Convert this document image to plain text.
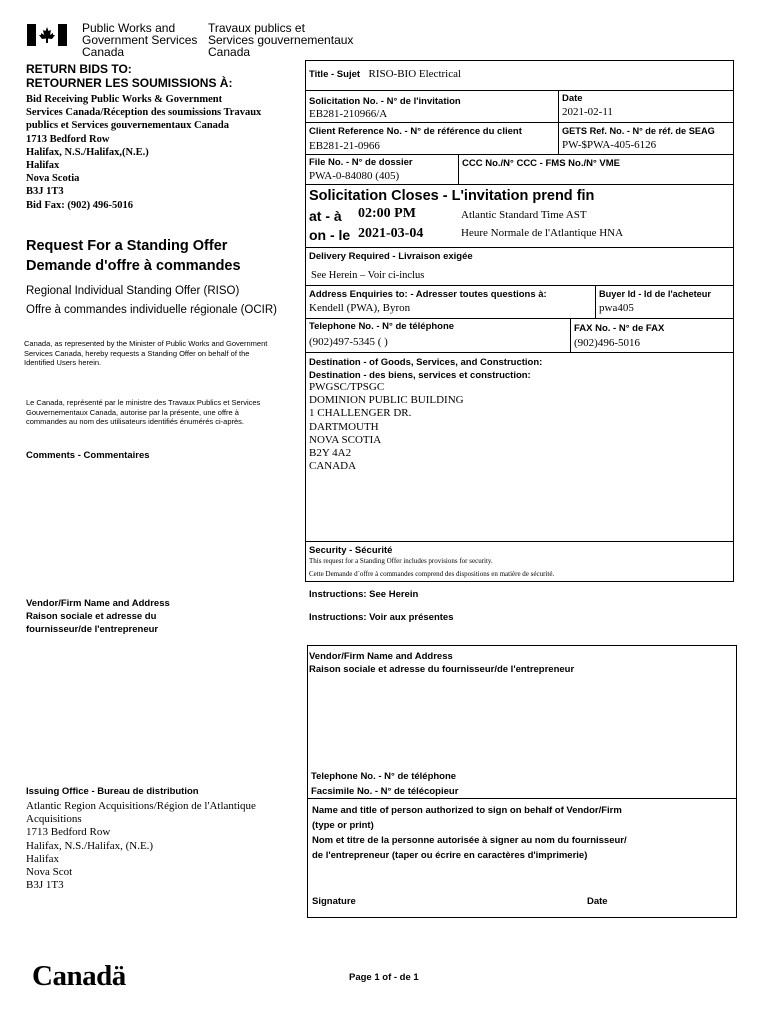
Public Works and
Government Services
Canada
Travaux publics et
Services gouvernementaux
Canada
RETURN BIDS TO:
RETOURNER LES SOUMISSIONS À:
Bid Receiving Public Works & Government
Services Canada/Réception des soumissions Travaux
publics et Services gouvernementaux Canada
1713 Bedford Row
Halifax, N.S./Halifax,(N.E.)
Halifax
Nova Scotia
B3J 1T3
Bid Fax: (902) 496-5016
Request For a Standing Offer
Demande d'offre à commandes
Regional Individual Standing Offer (RISO)
Offre à commandes individuelle régionale (OCIR)
Canada, as represented by the Minister of Public Works and Government Services Canada, hereby requests a Standing Offer on behalf of the Identified Users herein.
Le Canada, représenté par le ministre des Travaux Publics et Services Gouvernementaux Canada, autorise par la présente, une offre à commandes au nom des utilisateurs identifiés énumérés ci-après.
Comments - Commentaires
Vendor/Firm Name and Address
Raison sociale et adresse du
fournisseur/de l'entrepreneur
Issuing Office - Bureau de distribution
Atlantic Region Acquisitions/Région de l'Atlantique
Acquisitions
1713 Bedford Row
Halifax, N.S./Halifax, (N.E.)
Halifax
Nova Scot
B3J 1T3
Title - Sujet RISO-BIO Electrical
Solicitation No. - N° de l'invitation
EB281-210966/A
Date
2021-02-11
Client Reference No. - N° de référence du client
EB281-21-0966
GETS Ref. No. - N° de réf. de SEAG
PW-$PWA-405-6126
File No. - N° de dossier
PWA-0-84080 (405)
CCC No./N° CCC - FMS No./N° VME
Solicitation Closes - L'invitation prend fin
at - à 02:00 PM	Atlantic Standard Time AST
on - le 2021-03-04	Heure Normale de l'Atlantique HNA
Delivery Required - Livraison exigée
See Herein – Voir ci-inclus
Address Enquiries to: - Adresser toutes questions à:
Kendell (PWA), Byron
Buyer Id - Id de l'acheteur
pwa405
Telephone No. - N° de téléphone
(902)497-5345 ( )
FAX No. - N° de FAX
(902)496-5016
Destination - of Goods, Services, and Construction:
Destination - des biens, services et construction:
PWGSC/TPSGC
DOMINION PUBLIC BUILDING
1 CHALLENGER DR.
DARTMOUTH
NOVA SCOTIA
B2Y 4A2
CANADA
Security - Sécurité
This request for a Standing Offer includes provisions for security.
Cette Demande d`offre à commandes comprend des dispositions en matière de sécurité.
Instructions: See Herein
Instructions: Voir aux présentes
Vendor/Firm Name and Address
Raison sociale et adresse du fournisseur/de l'entrepreneur
Telephone No. - N° de téléphone
Facsimile No. - N° de télécopieur
Name and title of person authorized to sign on behalf of Vendor/Firm
(type or print)
Nom et titre de la personne autorisée à signer au nom du fournisseur/
de l'entrepreneur (taper ou écrire en caractères d'imprimerie)
Signature	Date
Canadä	Page 1 of - de 1
